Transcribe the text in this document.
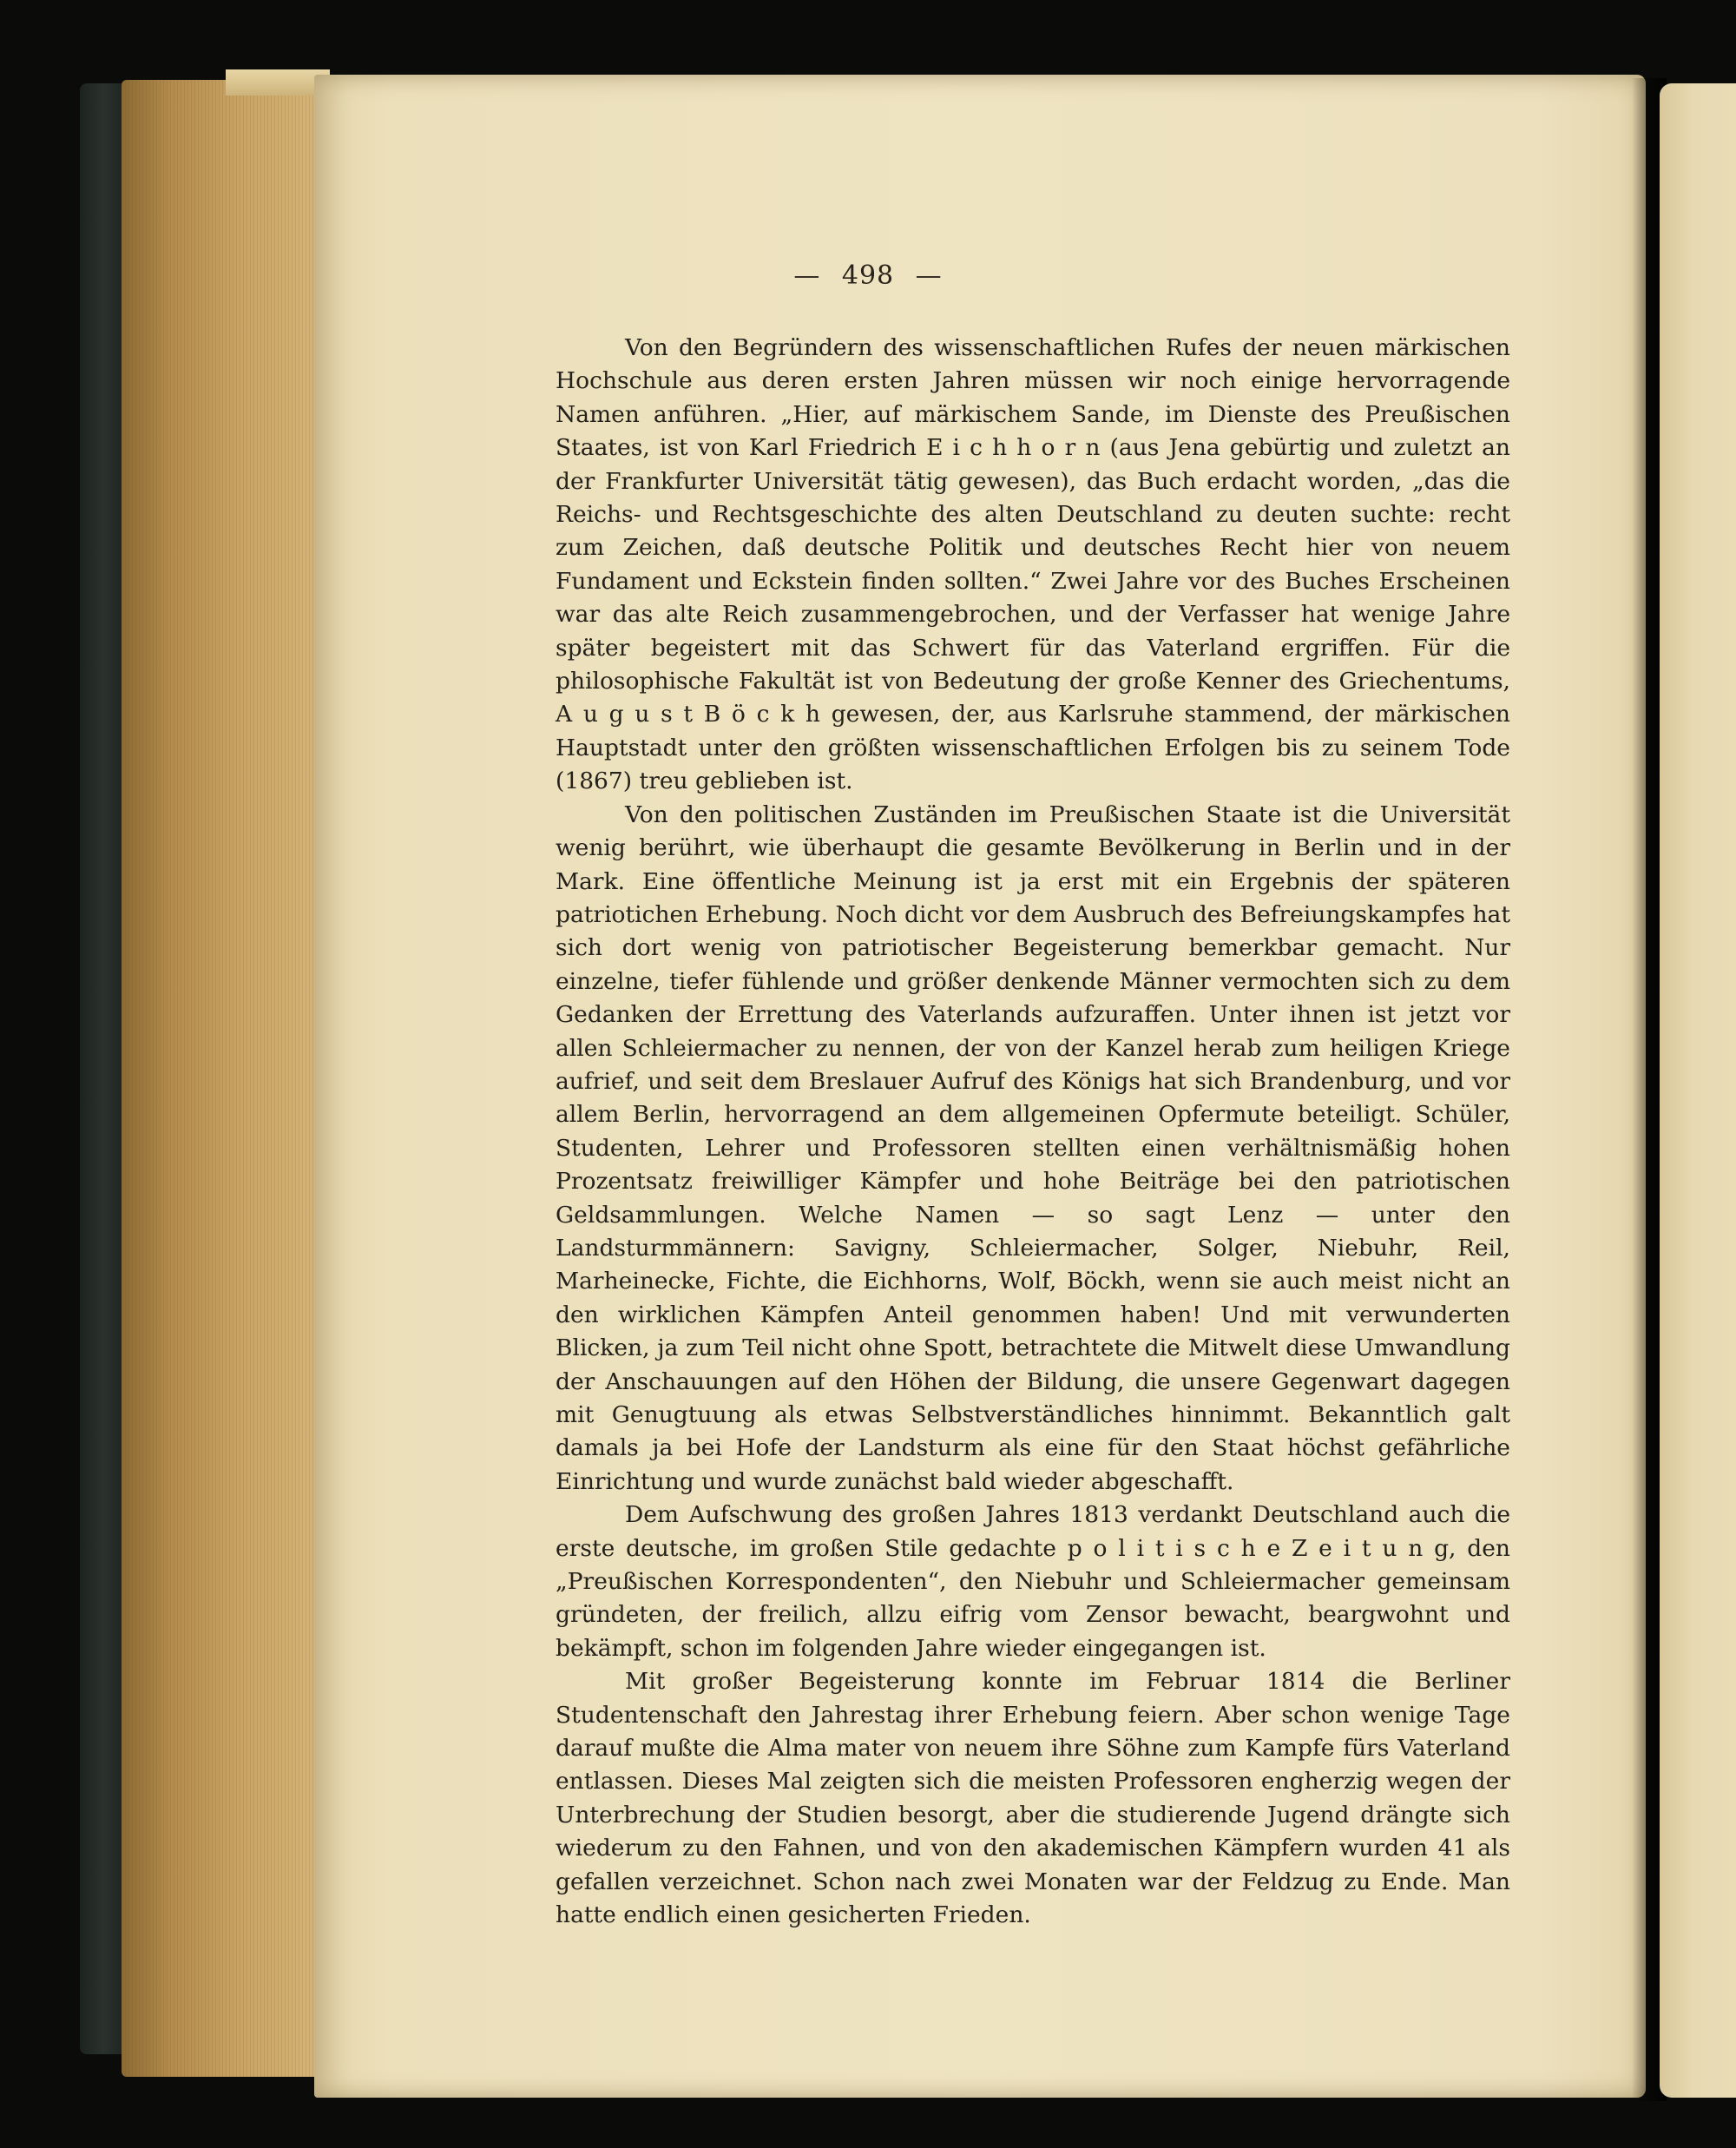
— 498 —

Von den Begründern des wissenschaftlichen Rufes der neuen märkischen Hochschule aus deren ersten Jahren müssen wir noch einige hervorragende Namen anführen. „Hier, auf märkischem Sande, im Dienste des Preußischen Staates, ist von Karl Friedrich E i c h h o r n (aus Jena gebürtig und zuletzt an der Frankfurter Universität tätig gewesen), das Buch erdacht worden, „das die Reichs- und Rechtsgeschichte des alten Deutschland zu deuten suchte: recht zum Zeichen, daß deutsche Politik und deutsches Recht hier von neuem Fundament und Eckstein finden sollten.“ Zwei Jahre vor des Buches Erscheinen war das alte Reich zusammengebrochen, und der Verfasser hat wenige Jahre später begeistert mit das Schwert für das Vaterland ergriffen. Für die philosophische Fakultät ist von Bedeutung der große Kenner des Griechentums, A u g u s t B ö c k h gewesen, der, aus Karlsruhe stammend, der märkischen Hauptstadt unter den größten wissenschaftlichen Erfolgen bis zu seinem Tode (1867) treu geblieben ist.

Von den politischen Zuständen im Preußischen Staate ist die Universität wenig berührt, wie überhaupt die gesamte Bevölkerung in Berlin und in der Mark. Eine öffentliche Meinung ist ja erst mit ein Ergebnis der späteren patriotichen Erhebung. Noch dicht vor dem Ausbruch des Befreiungskampfes hat sich dort wenig von patriotischer Begeisterung bemerkbar gemacht. Nur einzelne, tiefer fühlende und größer denkende Männer vermochten sich zu dem Gedanken der Errettung des Vaterlands aufzuraffen. Unter ihnen ist jetzt vor allen Schleiermacher zu nennen, der von der Kanzel herab zum heiligen Kriege aufrief, und seit dem Breslauer Aufruf des Königs hat sich Brandenburg, und vor allem Berlin, hervorragend an dem allgemeinen Opfermute beteiligt. Schüler, Studenten, Lehrer und Professoren stellten einen verhältnismäßig hohen Prozentsatz freiwilliger Kämpfer und hohe Beiträge bei den patriotischen Geldsammlungen. Welche Namen — so sagt Lenz — unter den Landsturmmännern: Savigny, Schleiermacher, Solger, Niebuhr, Reil, Marheinecke, Fichte, die Eichhorns, Wolf, Böckh, wenn sie auch meist nicht an den wirklichen Kämpfen Anteil genommen haben! Und mit verwunderten Blicken, ja zum Teil nicht ohne Spott, betrachtete die Mitwelt diese Umwandlung der Anschauungen auf den Höhen der Bildung, die unsere Gegenwart dagegen mit Genugtuung als etwas Selbstverständliches hinnimmt. Bekanntlich galt damals ja bei Hofe der Landsturm als eine für den Staat höchst gefährliche Einrichtung und wurde zunächst bald wieder abgeschafft.

Dem Aufschwung des großen Jahres 1813 verdankt Deutschland auch die erste deutsche, im großen Stile gedachte p o l i t i s c h e Z e i t u n g, den „Preußischen Korrespondenten“, den Niebuhr und Schleiermacher gemeinsam gründeten, der freilich, allzu eifrig vom Zensor bewacht, beargwohnt und bekämpft, schon im folgenden Jahre wieder eingegangen ist.

Mit großer Begeisterung konnte im Februar 1814 die Berliner Studentenschaft den Jahrestag ihrer Erhebung feiern. Aber schon wenige Tage darauf mußte die Alma mater von neuem ihre Söhne zum Kampfe fürs Vaterland entlassen. Dieses Mal zeigten sich die meisten Professoren engherzig wegen der Unterbrechung der Studien besorgt, aber die studierende Jugend drängte sich wiederum zu den Fahnen, und von den akademischen Kämpfern wurden 41 als gefallen verzeichnet. Schon nach zwei Monaten war der Feldzug zu Ende. Man hatte endlich einen gesicherten Frieden.
